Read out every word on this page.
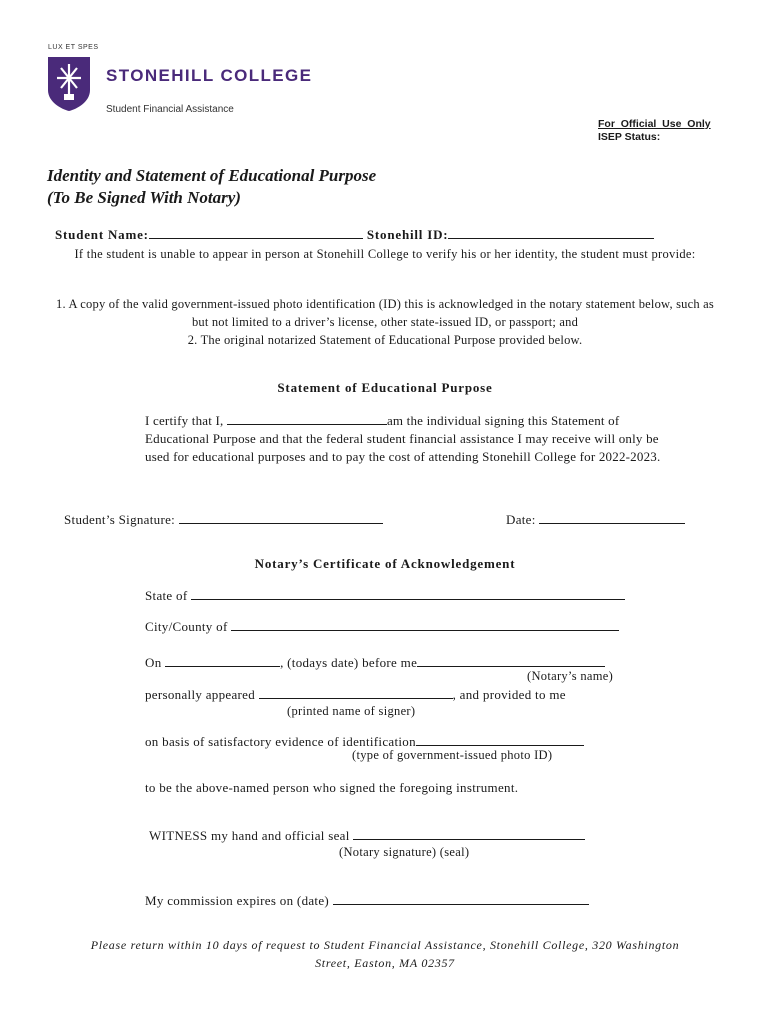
LUX ET SPES
STONEHILL COLLEGE
Student Financial Assistance
For_Official_Use_Only
ISEP Status:
Identity and Statement of Educational Purpose
(To Be Signed With Notary)
Student Name:	Stonehill ID:
If the student is unable to appear in person at Stonehill College to verify his or her identity, the student must provide:
1. A copy of the valid government-issued photo identification (ID) this is acknowledged in the notary statement below, such as but not limited to a driver’s license, other state-issued ID, or passport; and
2. The original notarized Statement of Educational Purpose provided below.
Statement of Educational Purpose
I certify that I,	am the individual signing this Statement of Educational Purpose and that the federal student financial assistance I may receive will only be used for educational purposes and to pay the cost of attending Stonehill College for 2022-2023.
Student’s Signature:	Date:
Notary’s Certificate of Acknowledgement
State of
City/County of
On	, (todays date) before me
(Notary’s name)
personally appeared	, and provided to me
(printed name of signer)
on basis of satisfactory evidence of identification
(type of government-issued photo ID)
to be the above-named person who signed the foregoing instrument.
WITNESS my hand and official seal
(Notary signature) (seal)
My commission expires on (date)
Please return within 10 days of request to Student Financial Assistance, Stonehill College, 320 Washington
Street, Easton, MA 02357
